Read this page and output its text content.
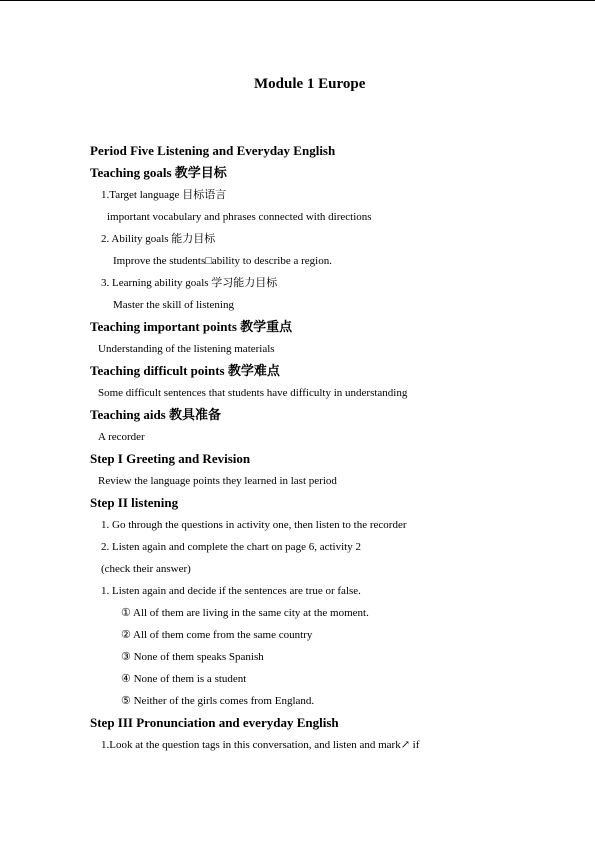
Module 1 Europe
Period Five Listening and Everyday English
Teaching goals 教学目标
1.Target language 目标语言
important vocabulary and phrases connected with directions
2. Ability goals 能力目标
Improve the students□ability to describe a region.
3. Learning ability goals 学习能力目标
Master the skill of listening
Teaching important points 教学重点
Understanding of the listening materials
Teaching difficult points 教学难点
Some difficult sentences that students have difficulty in understanding
Teaching aids 教具准备
A recorder
Step I Greeting and Revision
Review the language points they learned in last period
Step II listening
1. Go through the questions in activity one, then listen to the recorder
2. Listen again and complete the chart on page 6, activity 2
(check their answer)
1. Listen again and decide if the sentences are true or false.
① All of them are living in the same city at the moment.
② All of them come from the same country
③ None of them speaks Spanish
④ None of them is a student
⑤ Neither of the girls comes from England.
Step III Pronunciation and everyday English
1.Look at the question tags in this conversation, and listen and mark↗ if
